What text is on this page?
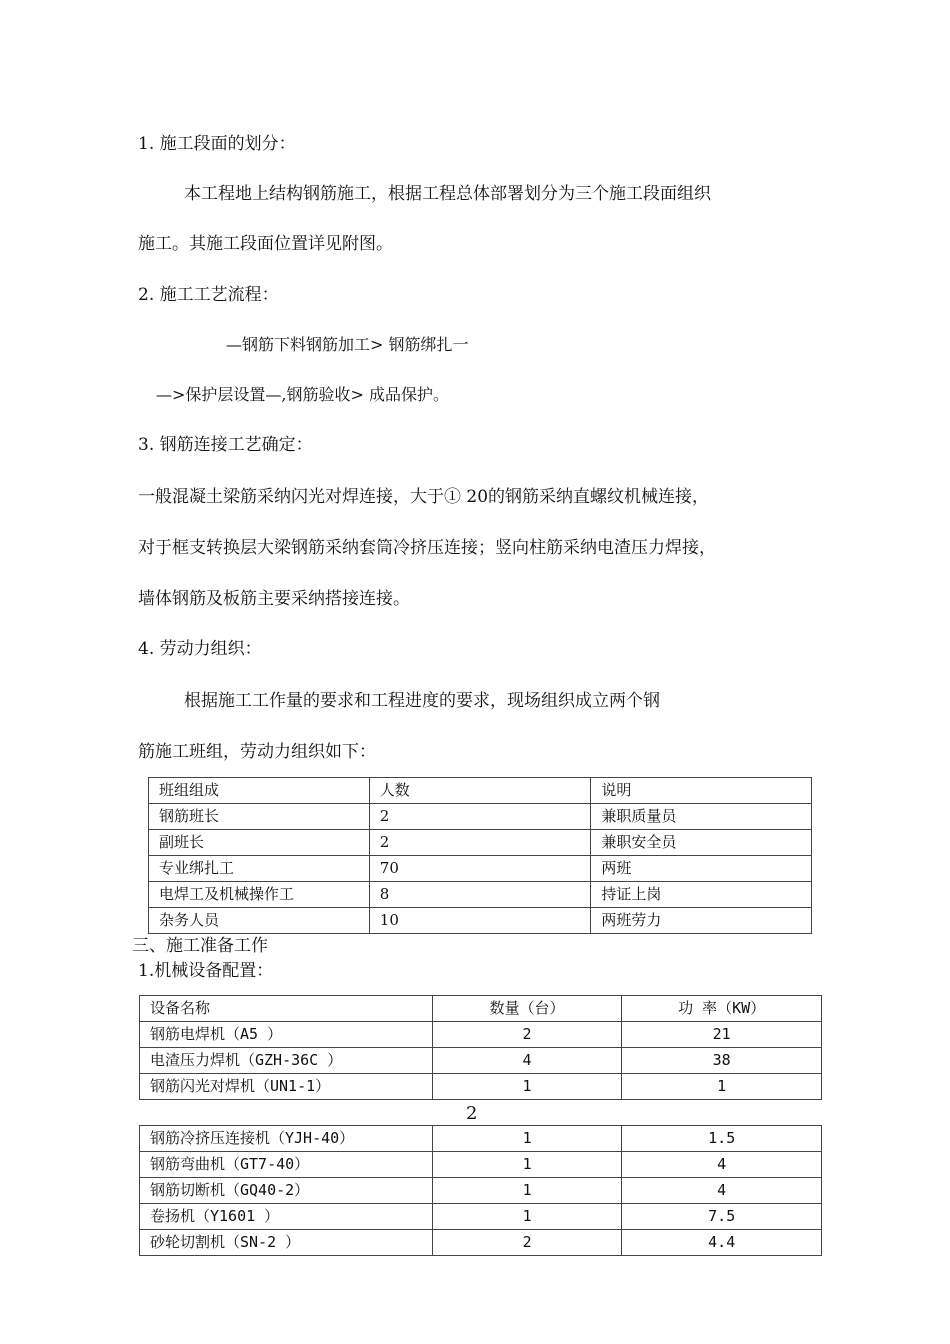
1. 施工段面的划分：
本工程地上结构钢筋施工，根据工程总体部署划分为三个施工段面组织
施工。其施工段面位置详见附图。
2. 施工工艺流程：
—钢筋下料钢筋加工> 钢筋绑扎一
—>保护层设置—,钢筋验收> 成品保护。
3. 钢筋连接工艺确定：
一般混凝土梁筋采纳闪光对焊连接，大于① 20的钢筋采纳直螺纹机械连接，
对于框支转换层大梁钢筋采纳套筒冷挤压连接；竖向柱筋采纳电渣压力焊接，
墙体钢筋及板筋主要采纳搭接连接。
4. 劳动力组织：
根据施工工作量的要求和工程进度的要求，现场组织成立两个钢
筋施工班组，劳动力组织如下：
班组组成	人数	说明
钢筋班长	2	兼职质量员
副班长	2	兼职安全员
专业绑扎工	70	两班
电焊工及机械操作工	8	持证上岗
杂务人员	10	两班劳力
三、施工准备工作
1.机械设备配置：
设备名称	数量（台）	功 率（KW）
钢筋电焊机（A5 ）	2	21
电渣压力焊机（GZH-36C ）	4	38
钢筋闪光对焊机（UN1-1）	1	1
2
钢筋冷挤压连接机（YJH-40）	1	1.5
钢筋弯曲机（GT7-40）	1	4
钢筋切断机（GQ40-2）	1	4
卷扬机（Y1601 ）	1	7.5
砂轮切割机（SN-2 ）	2	4.4
